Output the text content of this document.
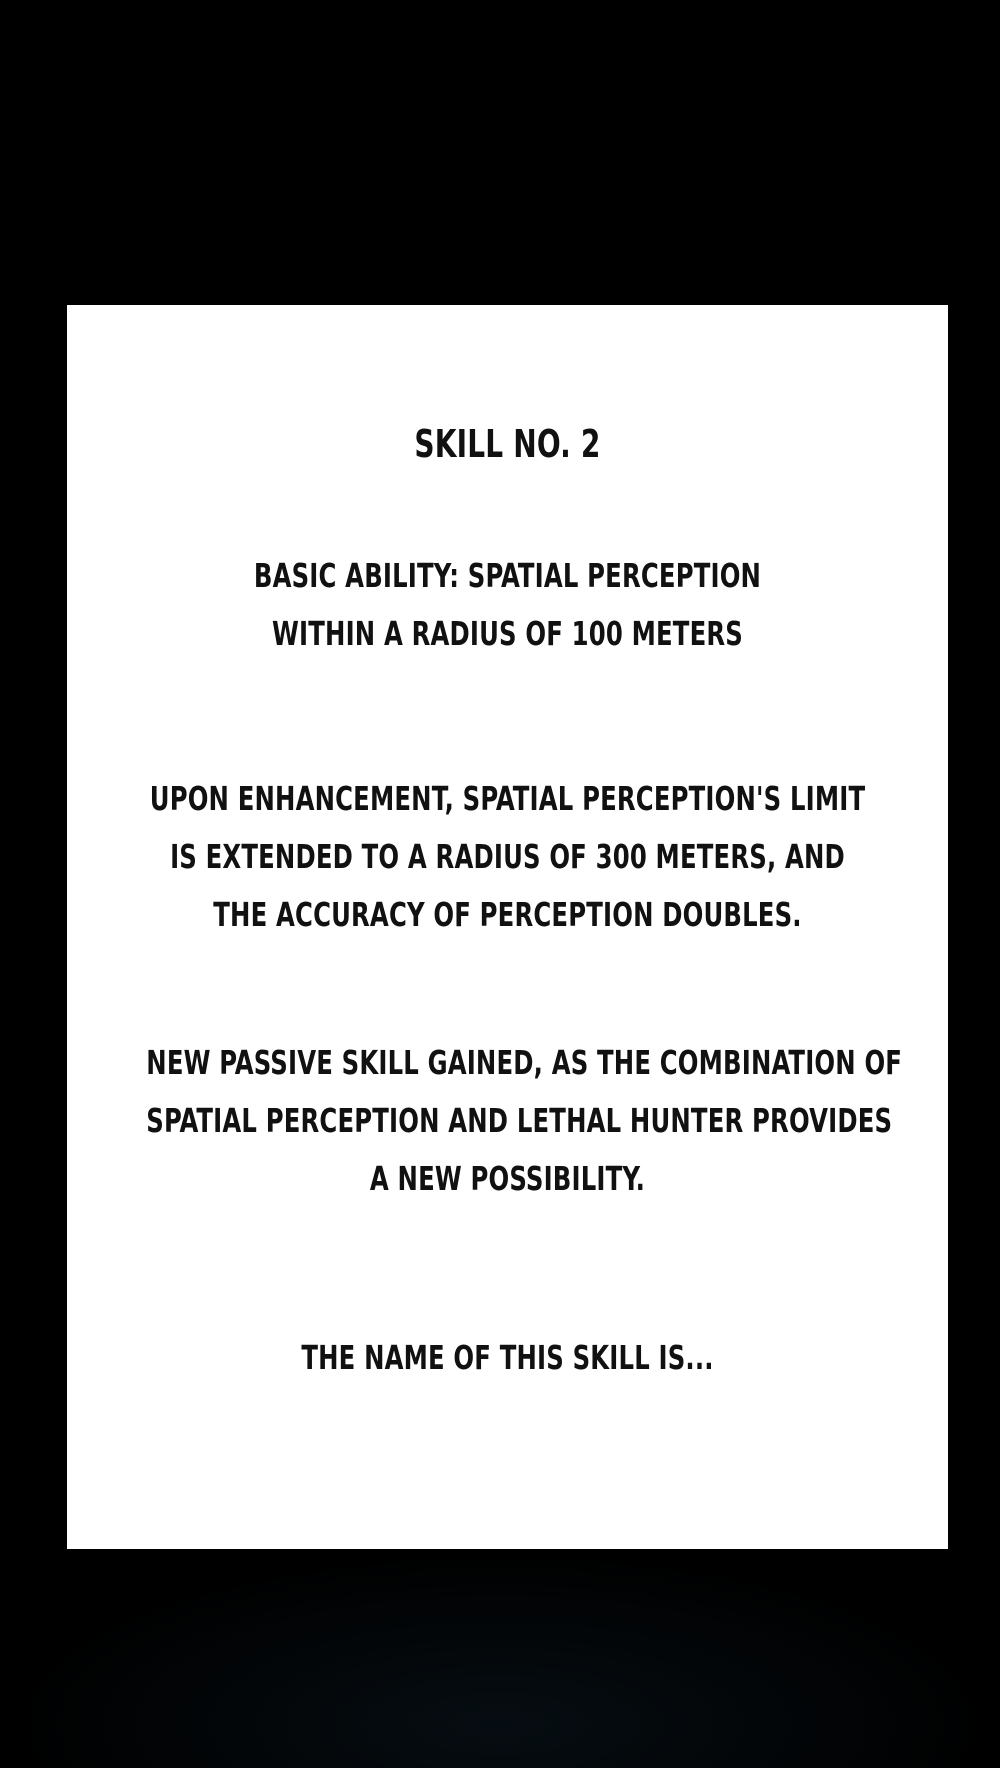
SKILL NO. 2
BASIC ABILITY: SPATIAL PERCEPTION
WITHIN A RADIUS OF 100 METERS
UPON ENHANCEMENT, SPATIAL PERCEPTION'S LIMIT
IS EXTENDED TO A RADIUS OF 300 METERS, AND
THE ACCURACY OF PERCEPTION DOUBLES.
NEW PASSIVE SKILL GAINED, AS THE COMBINATION OF
SPATIAL PERCEPTION AND LETHAL HUNTER PROVIDES
A NEW POSSIBILITY.
THE NAME OF THIS SKILL IS...
